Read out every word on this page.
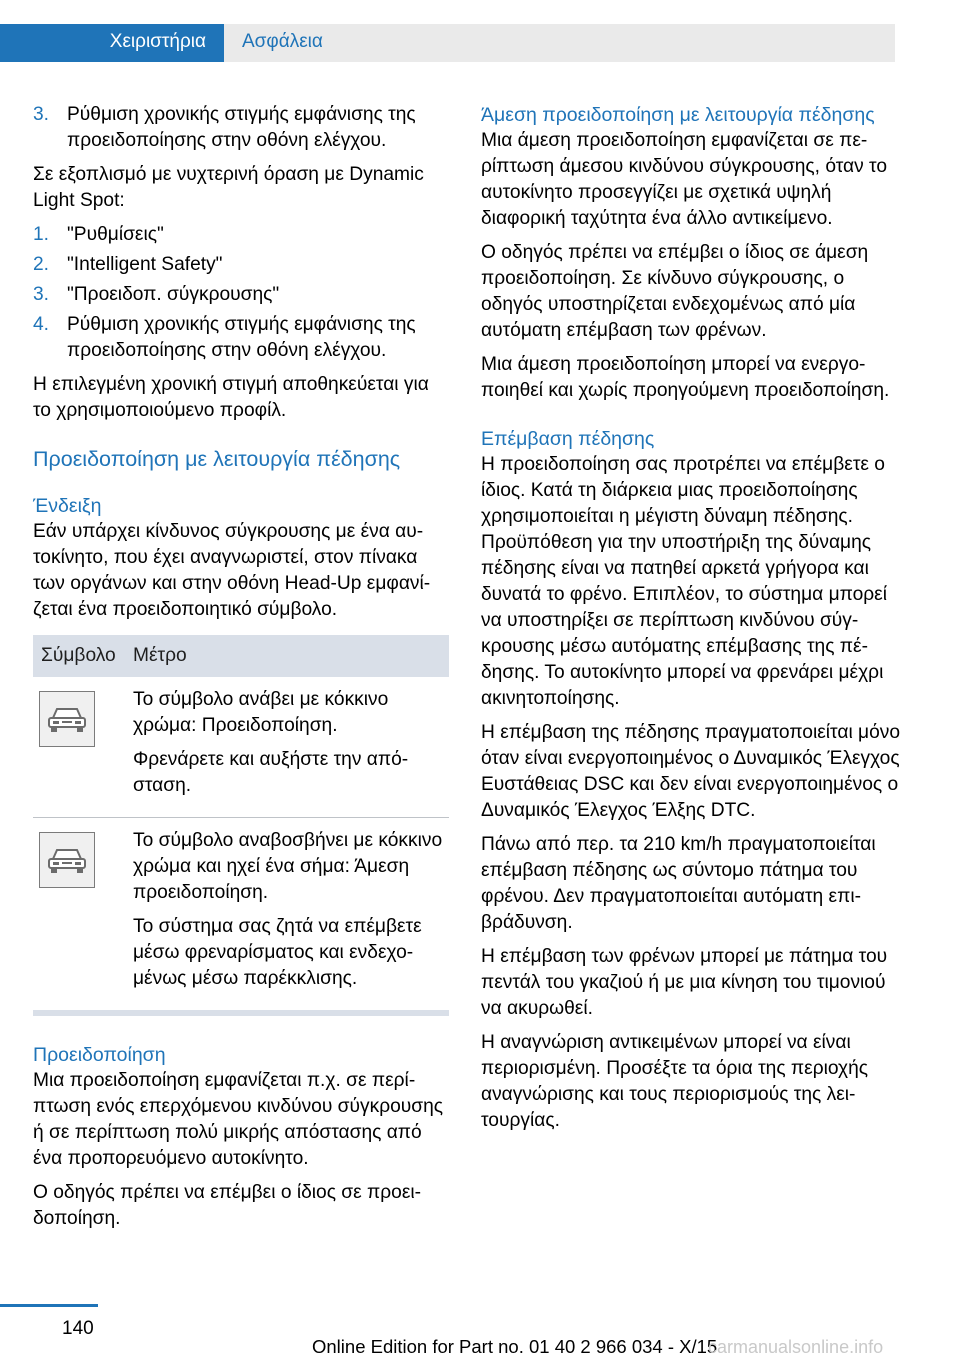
Χειριστήρια Ασφάλεια
3. Ρύθμιση χρονικής στιγμής εμφάνισης της προειδοποίησης στην οθόνη ελέγχου.

Σε εξοπλισμό με νυχτερινή όραση με Dynamic Light Spot:

1. "Ρυθμίσεις"
2. "Intelligent Safety"
3. "Προειδοπ. σύγκρουσης"
4. Ρύθμιση χρονικής στιγμής εμφάνισης της προειδοποίησης στην οθόνη ελέγχου.

Η επιλεγμένη χρονική στιγμή αποθηκεύεται για το χρησιμοποιούμενο προφίλ.

Προειδοποίηση με λειτουργία πέδησης
Ένδειξη

Εάν υπάρχει κίνδυνος σύγκρουσης με ένα αυτοκίνητο, που έχει αναγνωριστεί, στον πίνακα των οργάνων και στην οθόνη Head-Up εμφανίζεται ένα προειδοποιητικό σύμβολο.

Σύμβολο	Μέτρο

Το σύμβολο ανάβει με κόκκινο χρώμα: Προειδοποίηση.

Φρενάρετε και αυξήστε την απόσταση.

Το σύμβολο αναβοσβήνει με κόκκινο χρώμα και ηχεί ένα σήμα: Άμεση προειδοποίηση.

Το σύστημα σας ζητά να επέμβετε μέσω φρεναρίσματος και ενδεχομένως μέσω παρέκκλισης.

Προειδοποίηση

Μια προειδοποίηση εμφανίζεται π.χ. σε περίπτωση ενός επερχόμενου κινδύνου σύγκρουσης ή σε περίπτωση πολύ μικρής απόστασης από ένα προπορευόμενο αυτοκίνητο.

Ο οδηγός πρέπει να επέμβει ο ίδιος σε προειδοποίηση.

Άμεση προειδοποίηση με λειτουργία πέδησης

Μια άμεση προειδοποίηση εμφανίζεται σε περίπτωση άμεσου κινδύνου σύγκρουσης, όταν το αυτοκίνητο προσεγγίζει με σχετικά υψηλή διαφορική ταχύτητα ένα άλλο αντικείμενο.

Ο οδηγός πρέπει να επέμβει ο ίδιος σε άμεση προειδοποίηση. Σε κίνδυνο σύγκρουσης, ο οδηγός υποστηρίζεται ενδεχομένως από μία αυτόματη επέμβαση των φρένων.

Μια άμεση προειδοποίηση μπορεί να ενεργοποιηθεί και χωρίς προηγούμενη προειδοποίηση.

Επέμβαση πέδησης

Η προειδοποίηση σας προτρέπει να επέμβετε ο ίδιος. Κατά τη διάρκεια μιας προειδοποίησης χρησιμοποιείται η μέγιστη δύναμη πέδησης. Προϋπόθεση για την υποστήριξη της δύναμης πέδησης είναι να πατηθεί αρκετά γρήγορα και δυνατά το φρένο. Επιπλέον, το σύστημα μπορεί να υποστηρίξει σε περίπτωση κινδύνου σύγκρουσης μέσω αυτόματης επέμβασης της πέδησης. Το αυτοκίνητο μπορεί να φρενάρει μέχρι ακινητοποίησης.

Η επέμβαση της πέδησης πραγματοποιείται μόνο όταν είναι ενεργοποιημένος ο Δυναμικός Έλεγχος Ευστάθειας DSC και δεν είναι ενεργοποιημένος ο Δυναμικός Έλεγχος Έλξης DTC.

Πάνω από περ. τα 210 km/h πραγματοποιείται επέμβαση πέδησης ως σύντομο πάτημα του φρένου. Δεν πραγματοποιείται αυτόματη επιβράδυνση.

Η επέμβαση των φρένων μπορεί με πάτημα του πεντάλ του γκαζιού ή με μια κίνηση του τιμονιού να ακυρωθεί.

Η αναγνώριση αντικειμένων μπορεί να είναι περιορισμένη. Προσέξτε τα όρια της περιοχής αναγνώρισης και τους περιορισμούς της λειτουργίας.

140
Online Edition for Part no. 01 40 2 966 034 - X/15
carmanualsonline.info
